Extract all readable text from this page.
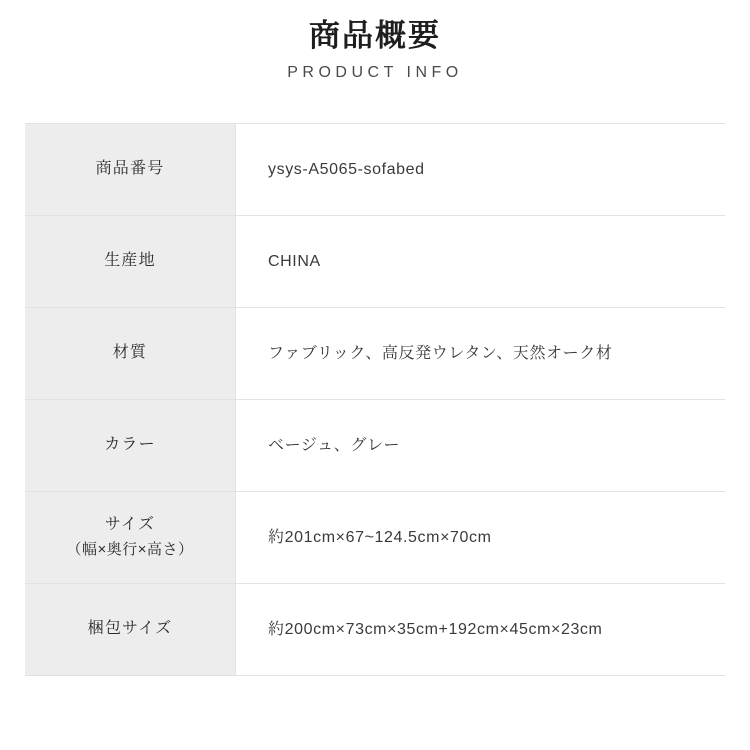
商品概要

PRODUCT INFO

商品番号	ysys-A5065-sofabed

生産地	CHINA

材質	ファブリック、高反発ウレタン、天然オーク材

カラー	ベージュ、グレー

サイズ
（幅×奥行×高さ）	約201cm×67~124.5cm×70cm

梱包サイズ	約200cm×73cm×35cm+192cm×45cm×23cm
